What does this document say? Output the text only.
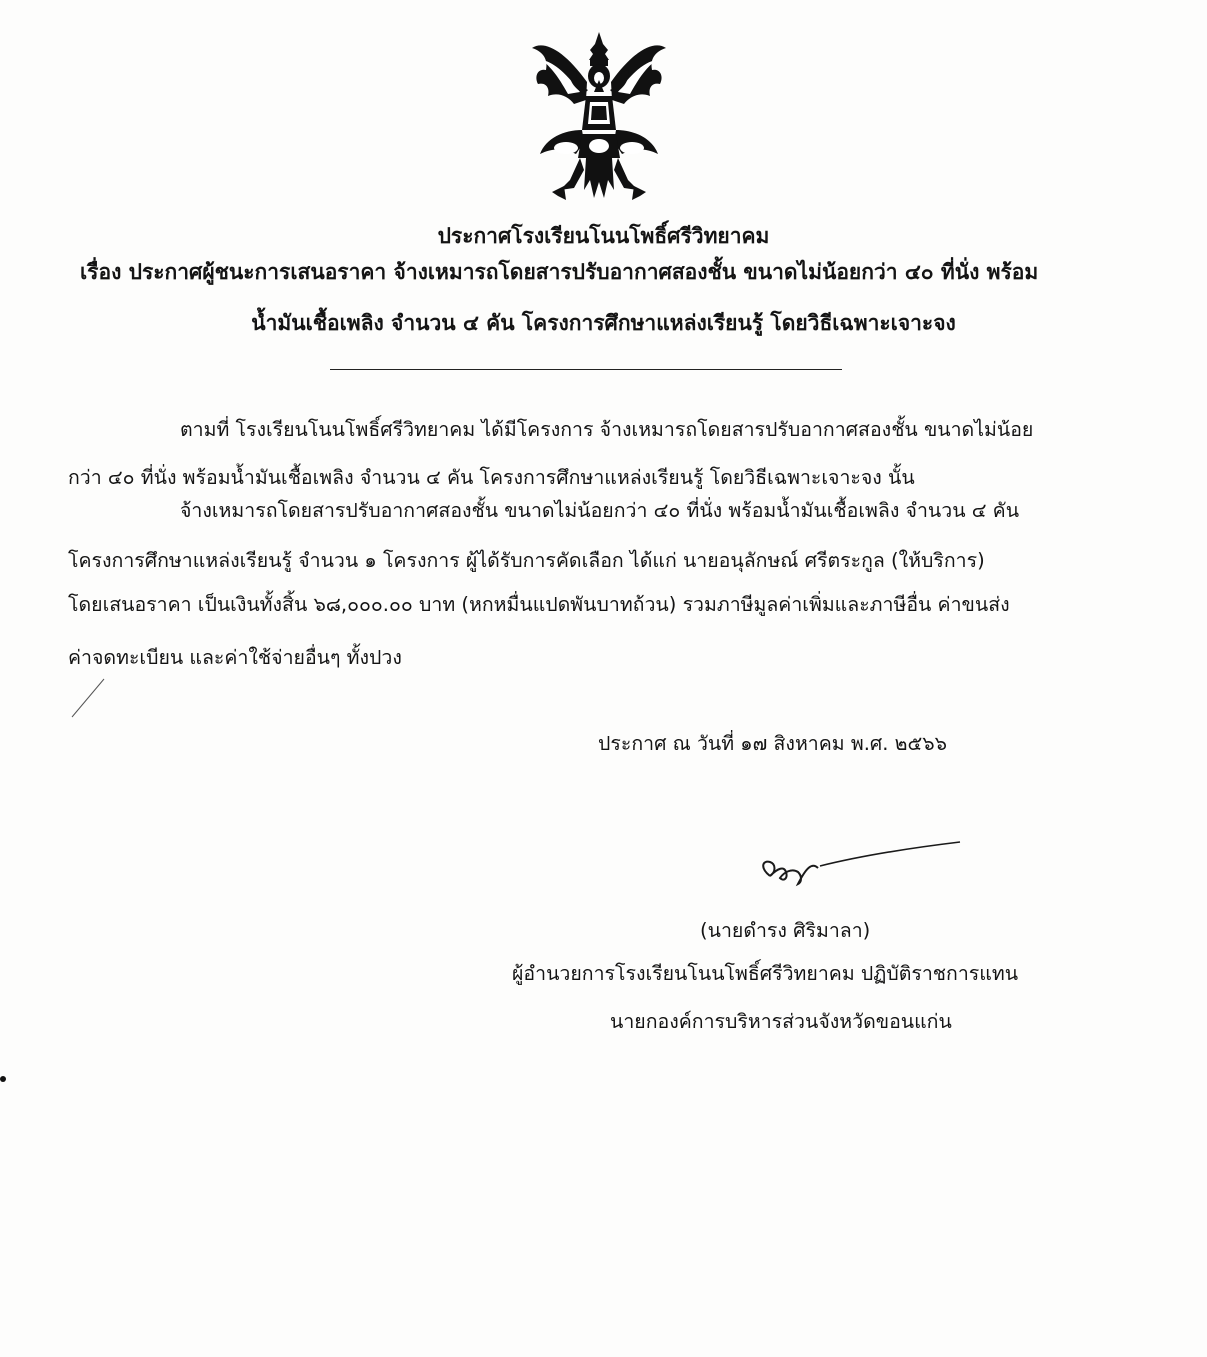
ประกาศโรงเรียนโนนโพธิ์ศรีวิทยาคม
เรื่อง ประกาศผู้ชนะการเสนอราคา จ้างเหมารถโดยสารปรับอากาศสองชั้น ขนาดไม่น้อยกว่า ๔๐ ที่นั่ง พร้อม
น้ำมันเชื้อเพลิง จำนวน ๔ คัน โครงการศึกษาแหล่งเรียนรู้ โดยวิธีเฉพาะเจาะจง
ตามที่ โรงเรียนโนนโพธิ์ศรีวิทยาคม ได้มีโครงการ จ้างเหมารถโดยสารปรับอากาศสองชั้น ขนาดไม่น้อย
กว่า ๔๐ ที่นั่ง พร้อมน้ำมันเชื้อเพลิง จำนวน ๔ คัน โครงการศึกษาแหล่งเรียนรู้ โดยวิธีเฉพาะเจาะจง นั้น
จ้างเหมารถโดยสารปรับอากาศสองชั้น ขนาดไม่น้อยกว่า ๔๐ ที่นั่ง พร้อมน้ำมันเชื้อเพลิง จำนวน ๔ คัน
โครงการศึกษาแหล่งเรียนรู้ จำนวน ๑ โครงการ ผู้ได้รับการคัดเลือก ได้แก่ นายอนุลักษณ์ ศรีตระกูล (ให้บริการ)
โดยเสนอราคา เป็นเงินทั้งสิ้น ๖๘,๐๐๐.๐๐ บาท (หกหมื่นแปดพันบาทถ้วน) รวมภาษีมูลค่าเพิ่มและภาษีอื่น ค่าขนส่ง
ค่าจดทะเบียน และค่าใช้จ่ายอื่นๆ ทั้งปวง
ประกาศ ณ วันที่ ๑๗ สิงหาคม พ.ศ. ๒๕๖๖
(นายดำรง ศิริมาลา)
ผู้อำนวยการโรงเรียนโนนโพธิ์ศรีวิทยาคม ปฏิบัติราชการแทน
นายกองค์การบริหารส่วนจังหวัดขอนแก่น
